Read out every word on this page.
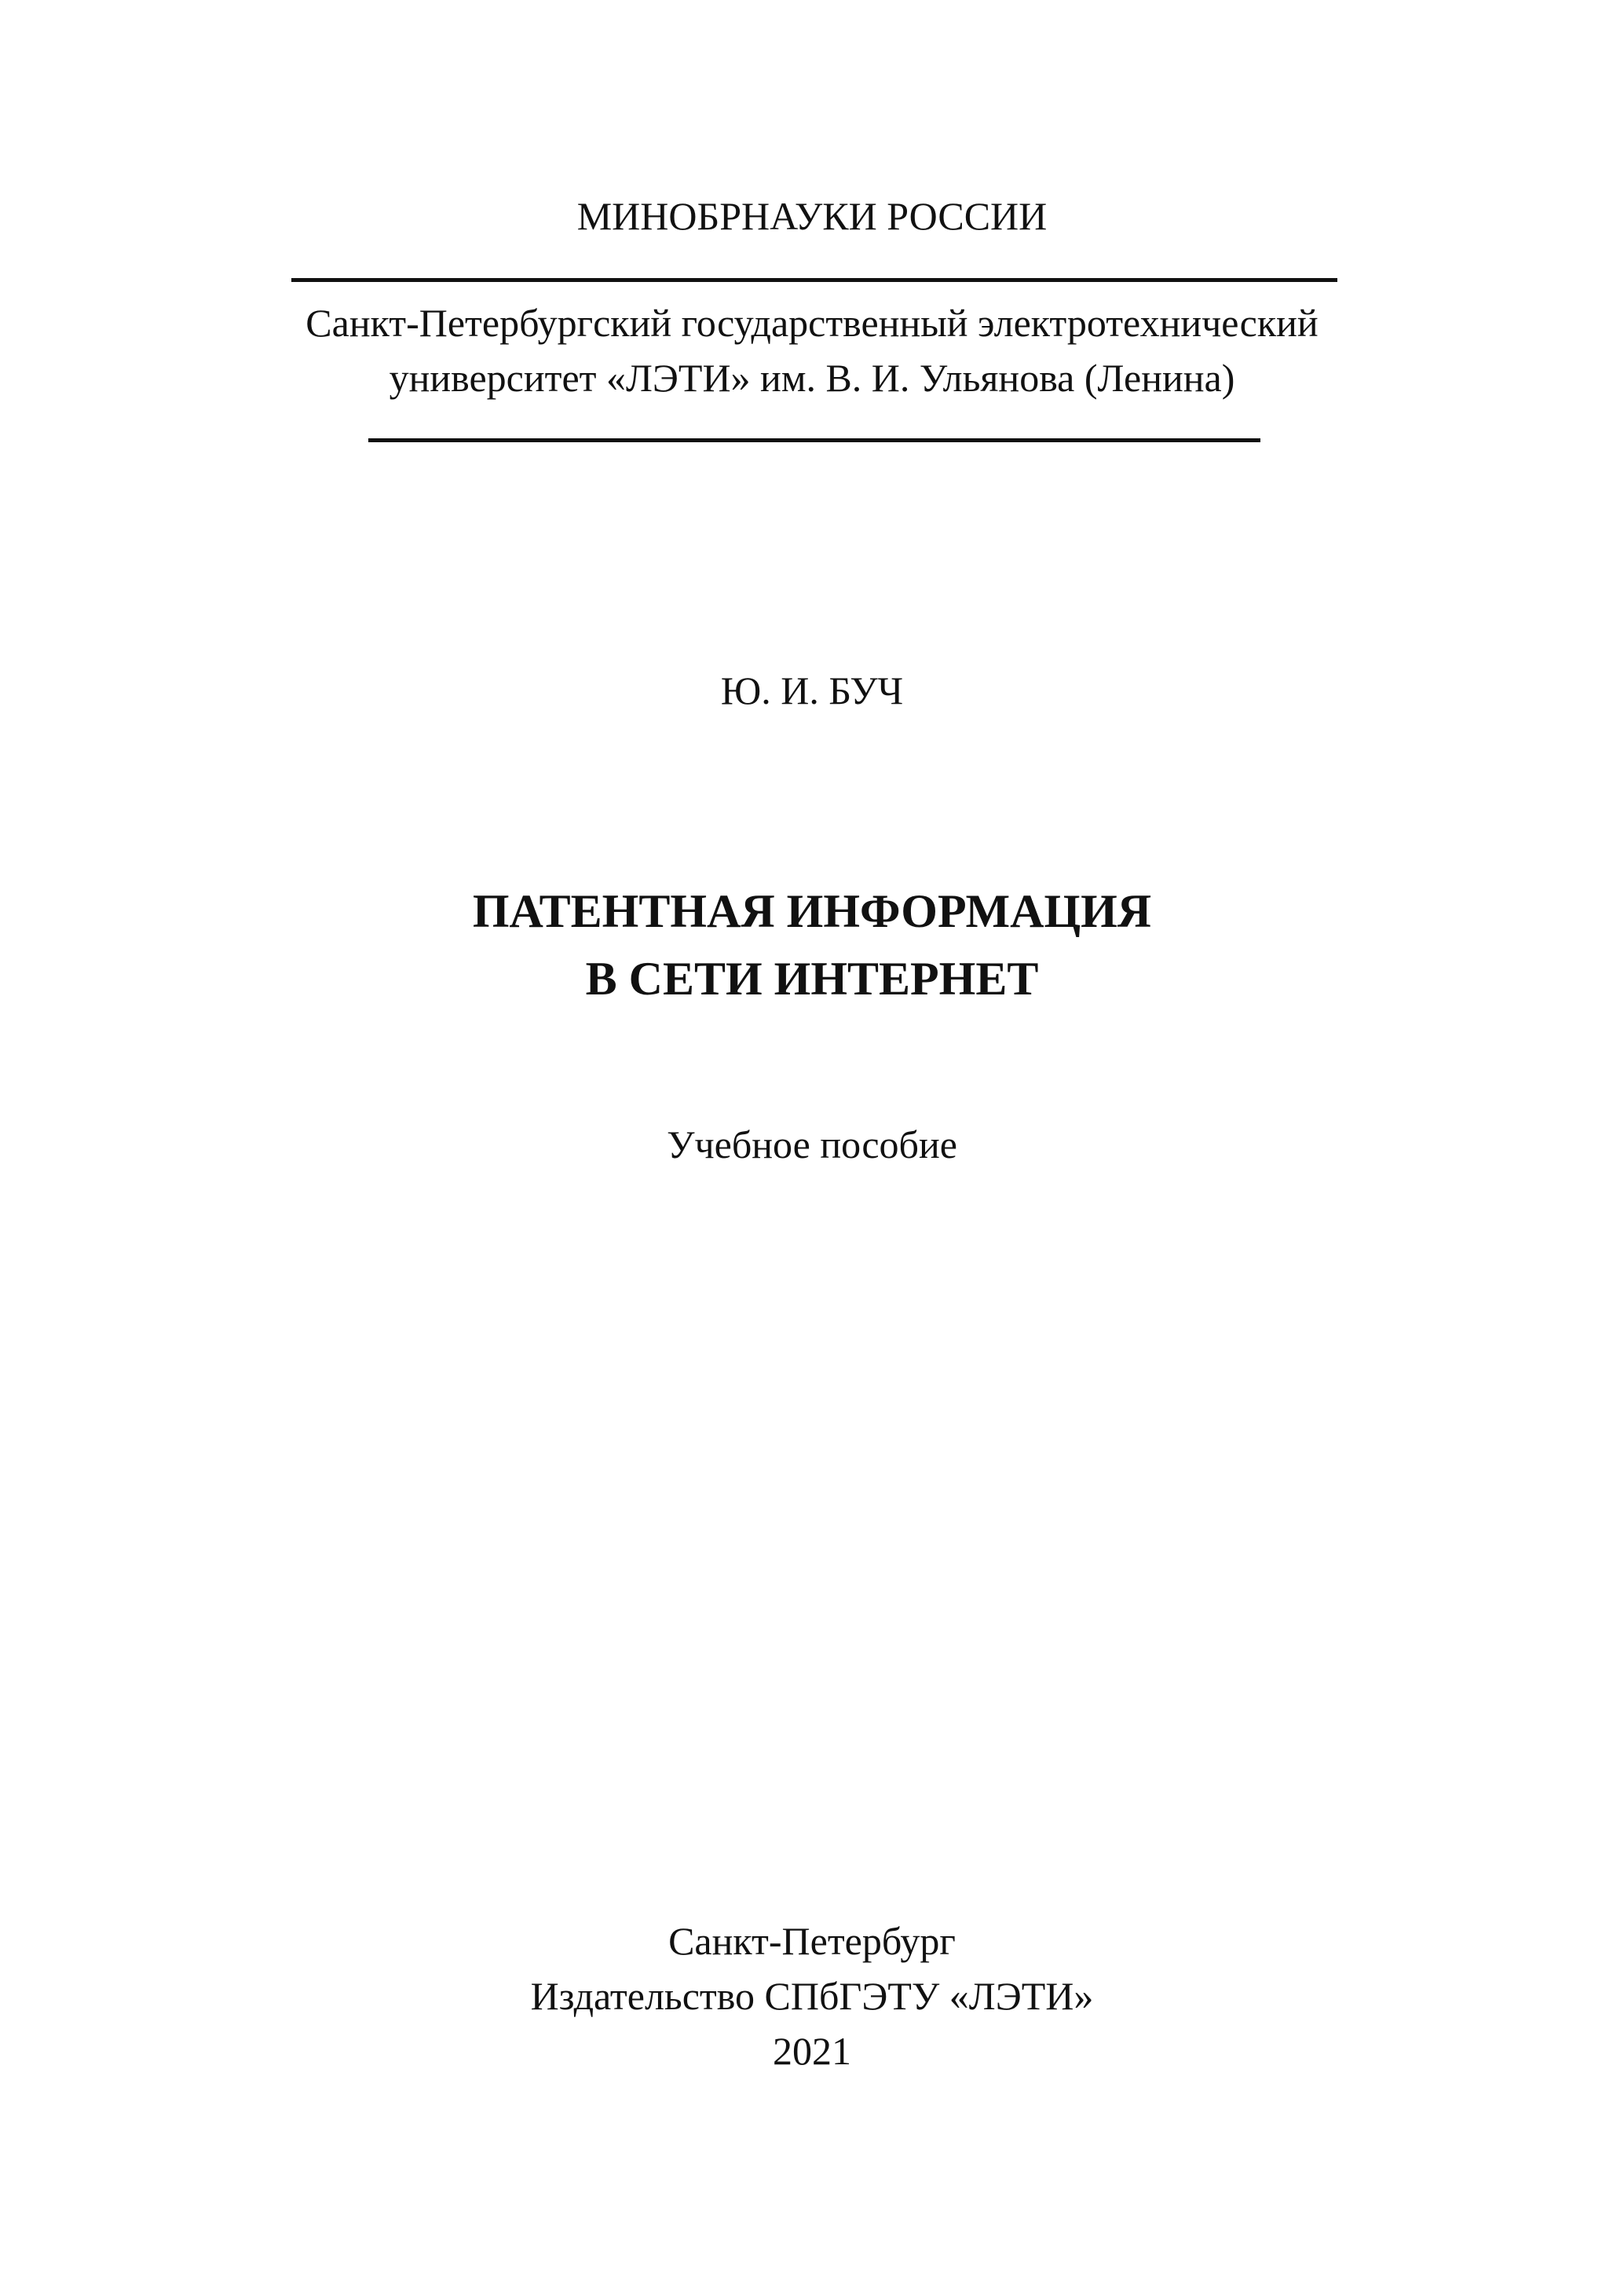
МИНОБРНАУКИ РОССИИ
Санкт-Петербургский государственный электротехнический
университет «ЛЭТИ» им. В. И. Ульянова (Ленина)
Ю. И. БУЧ
ПАТЕНТНАЯ ИНФОРМАЦИЯ
В СЕТИ ИНТЕРНЕТ
Учебное пособие
Санкт-Петербург
Издательство СПбГЭТУ «ЛЭТИ»
2021
